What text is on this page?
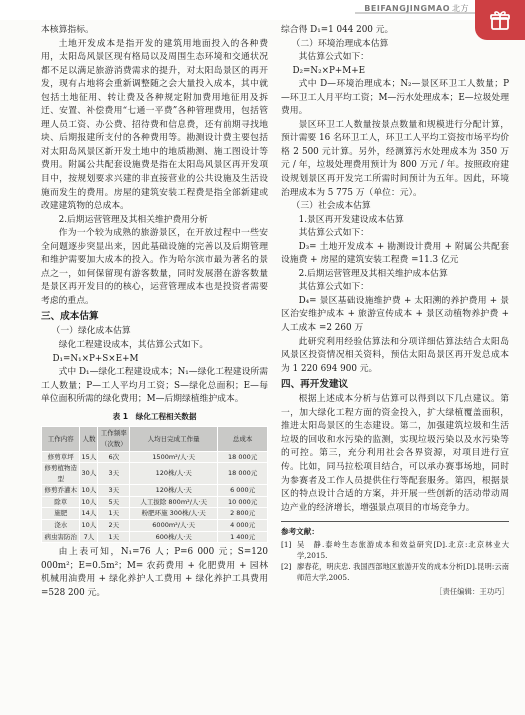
BEIFANGJINGMAO 北方

本核算指标。

土地开发成本是指开发的建筑用地面投入的各种费用，太阳岛风景区现有格局以及周围生态环境和交通状况都不足以满足旅游消费需求的提升，对太阳岛景区的再开发，现有占地将会重新调整随之会大量投入成本，其中就包括土地征用、转让费及各种规定附加费用地征用及拆迁、安置、补偿费用“七通一平费”各种管理费用，包括管理人员工资、办公费、招待费和信息费，还有前期寻找地块、后期报建所支付的各种费用等。勘测设计费主要包括对太阳岛风景区新开发土地中的地质勘测、施工图设计等费用。附属公共配套设施费是指在太阳岛风景区再开发项目中，按规划要求兴建的非直接营业的公共设施及生活设施而发生的费用。房屋的建筑安装工程费是指全部新建或改建建筑物的总成本。

2.后期运营管理及其相关维护费用分析

作为一个较为成熟的旅游景区，在开放过程中一些安全问题逐步突显出来，因此基础设施的完善以及后期管理和维护需要加大成本的投入。作为哈尔滨市最为著名的景点之一，如何保留现有游客数量，同时发展潜在游客数量是景区再开发目的的核心，运营管理成本也是投资者需要考虑的重点。

三、成本估算
（一）绿化成本估算

绿化工程建设成本，其估算公式如下。

D₁=N₁×P+S×E+M

式中 D₁—绿化工程建设成本；N₁—绿化工程建设所需工人数量；P—工人平均月工资；S—绿化总面积；E—每单位面积所需的绿化费用；M—后期绿植维护成本。

表 1　绿化工程相关数据
工作内容	人数	工作频率（次数）	人均日完成工作量	总成本
修剪草坪	15人	6次	1500m²/人·天	18 000元
修剪植物造型	30人	3天	120株/人·天	18 000元
修剪乔灌木	10人	3天	120株/人·天	6 000元
除草	10人	5天	人工拔除 800m²/人·天	10 000元
施肥	14人	1天	粉肥环施 300株/人·天	2 800元
浇水	10人	2天	6000m²/人·天	4 000元
病虫害防治	7人	1天	600株/人·天	1 400元

由上表可知，N₁=76 人；P=6 000 元；S=120 000m²；E=0.5m²；M= 农药费用 + 化肥费用 + 园林机械用油费用 + 绿化养护人工费用 + 绿化养护工具费用 =528 200 元。

综合得 D₁=1 044 200 元。

（二）环境治理成本估算

其估算公式如下：

D₂=N₂×P+M+E

式中 D—环境治理成本；N₂—景区环卫工人数量；P—环卫工人月平均工资；M—污水处理成本；E—垃圾处理费用。

景区环卫工人数量按景点数量和规模进行分配计算，预计需要 16 名环卫工人，环卫工人平均工资按市场平均价格 2 500 元计算。另外，经测算污水处理成本为 350 万元 / 年，垃圾处理费用预计为 800 万元 / 年。按照政府建设规划景区再开发完工所需时间预计为五年。因此，环境治理成本为 5 775 万（单位：元）。

（三）社会成本估算

1.景区再开发建设成本估算

其估算公式如下：

D₃= 土地开发成本 + 勘测设计费用 + 附属公共配套设施费 + 房屋的建筑安装工程费 =11.3 亿元

2.后期运营管理及其相关维护成本估算

其估算公式如下：

D₄= 景区基础设施维护费 + 太阳溯的养护费用 + 景区治安维护成本 + 旅游宣传成本 + 景区动植物养护费 + 人工成本 =2 260 万

此研究利用经验估算法和分项详细估算法结合太阳岛风景区投资情况相关资料，预估太阳岛景区再开发总成本为 1 220 694 900 元。

四、再开发建议

根据上述成本分析与估算可以得到以下几点建议。第一，加大绿化工程方面的资金投入，扩大绿植覆盖面积，推进太阳岛景区的生态建设。第二，加强建筑垃圾和生活垃圾的回收和水污染的监测，实现垃圾污染以及水污染等的可控。第三，充分利用社会各界资源，对项目进行宣传。比如，同马拉松项目结合，可以承办赛事场地，同时为参赛者及工作人员提供住行等配套服务。第四，根据景区的特点设计合适的方案，并开展一些创新的活动带动周边产业的经济增长，增强景点项目的市场竞争力。

参考文献：
[1] 吴　静.泰岭生态旅游成本和效益研究[D].北京:北京林业大学,2015.
[2] 廖春花，明庆忠. 我国西部地区旅游开发的成本分析[D].昆明:云南师范大学,2005.
［责任编辑：王功巧］
